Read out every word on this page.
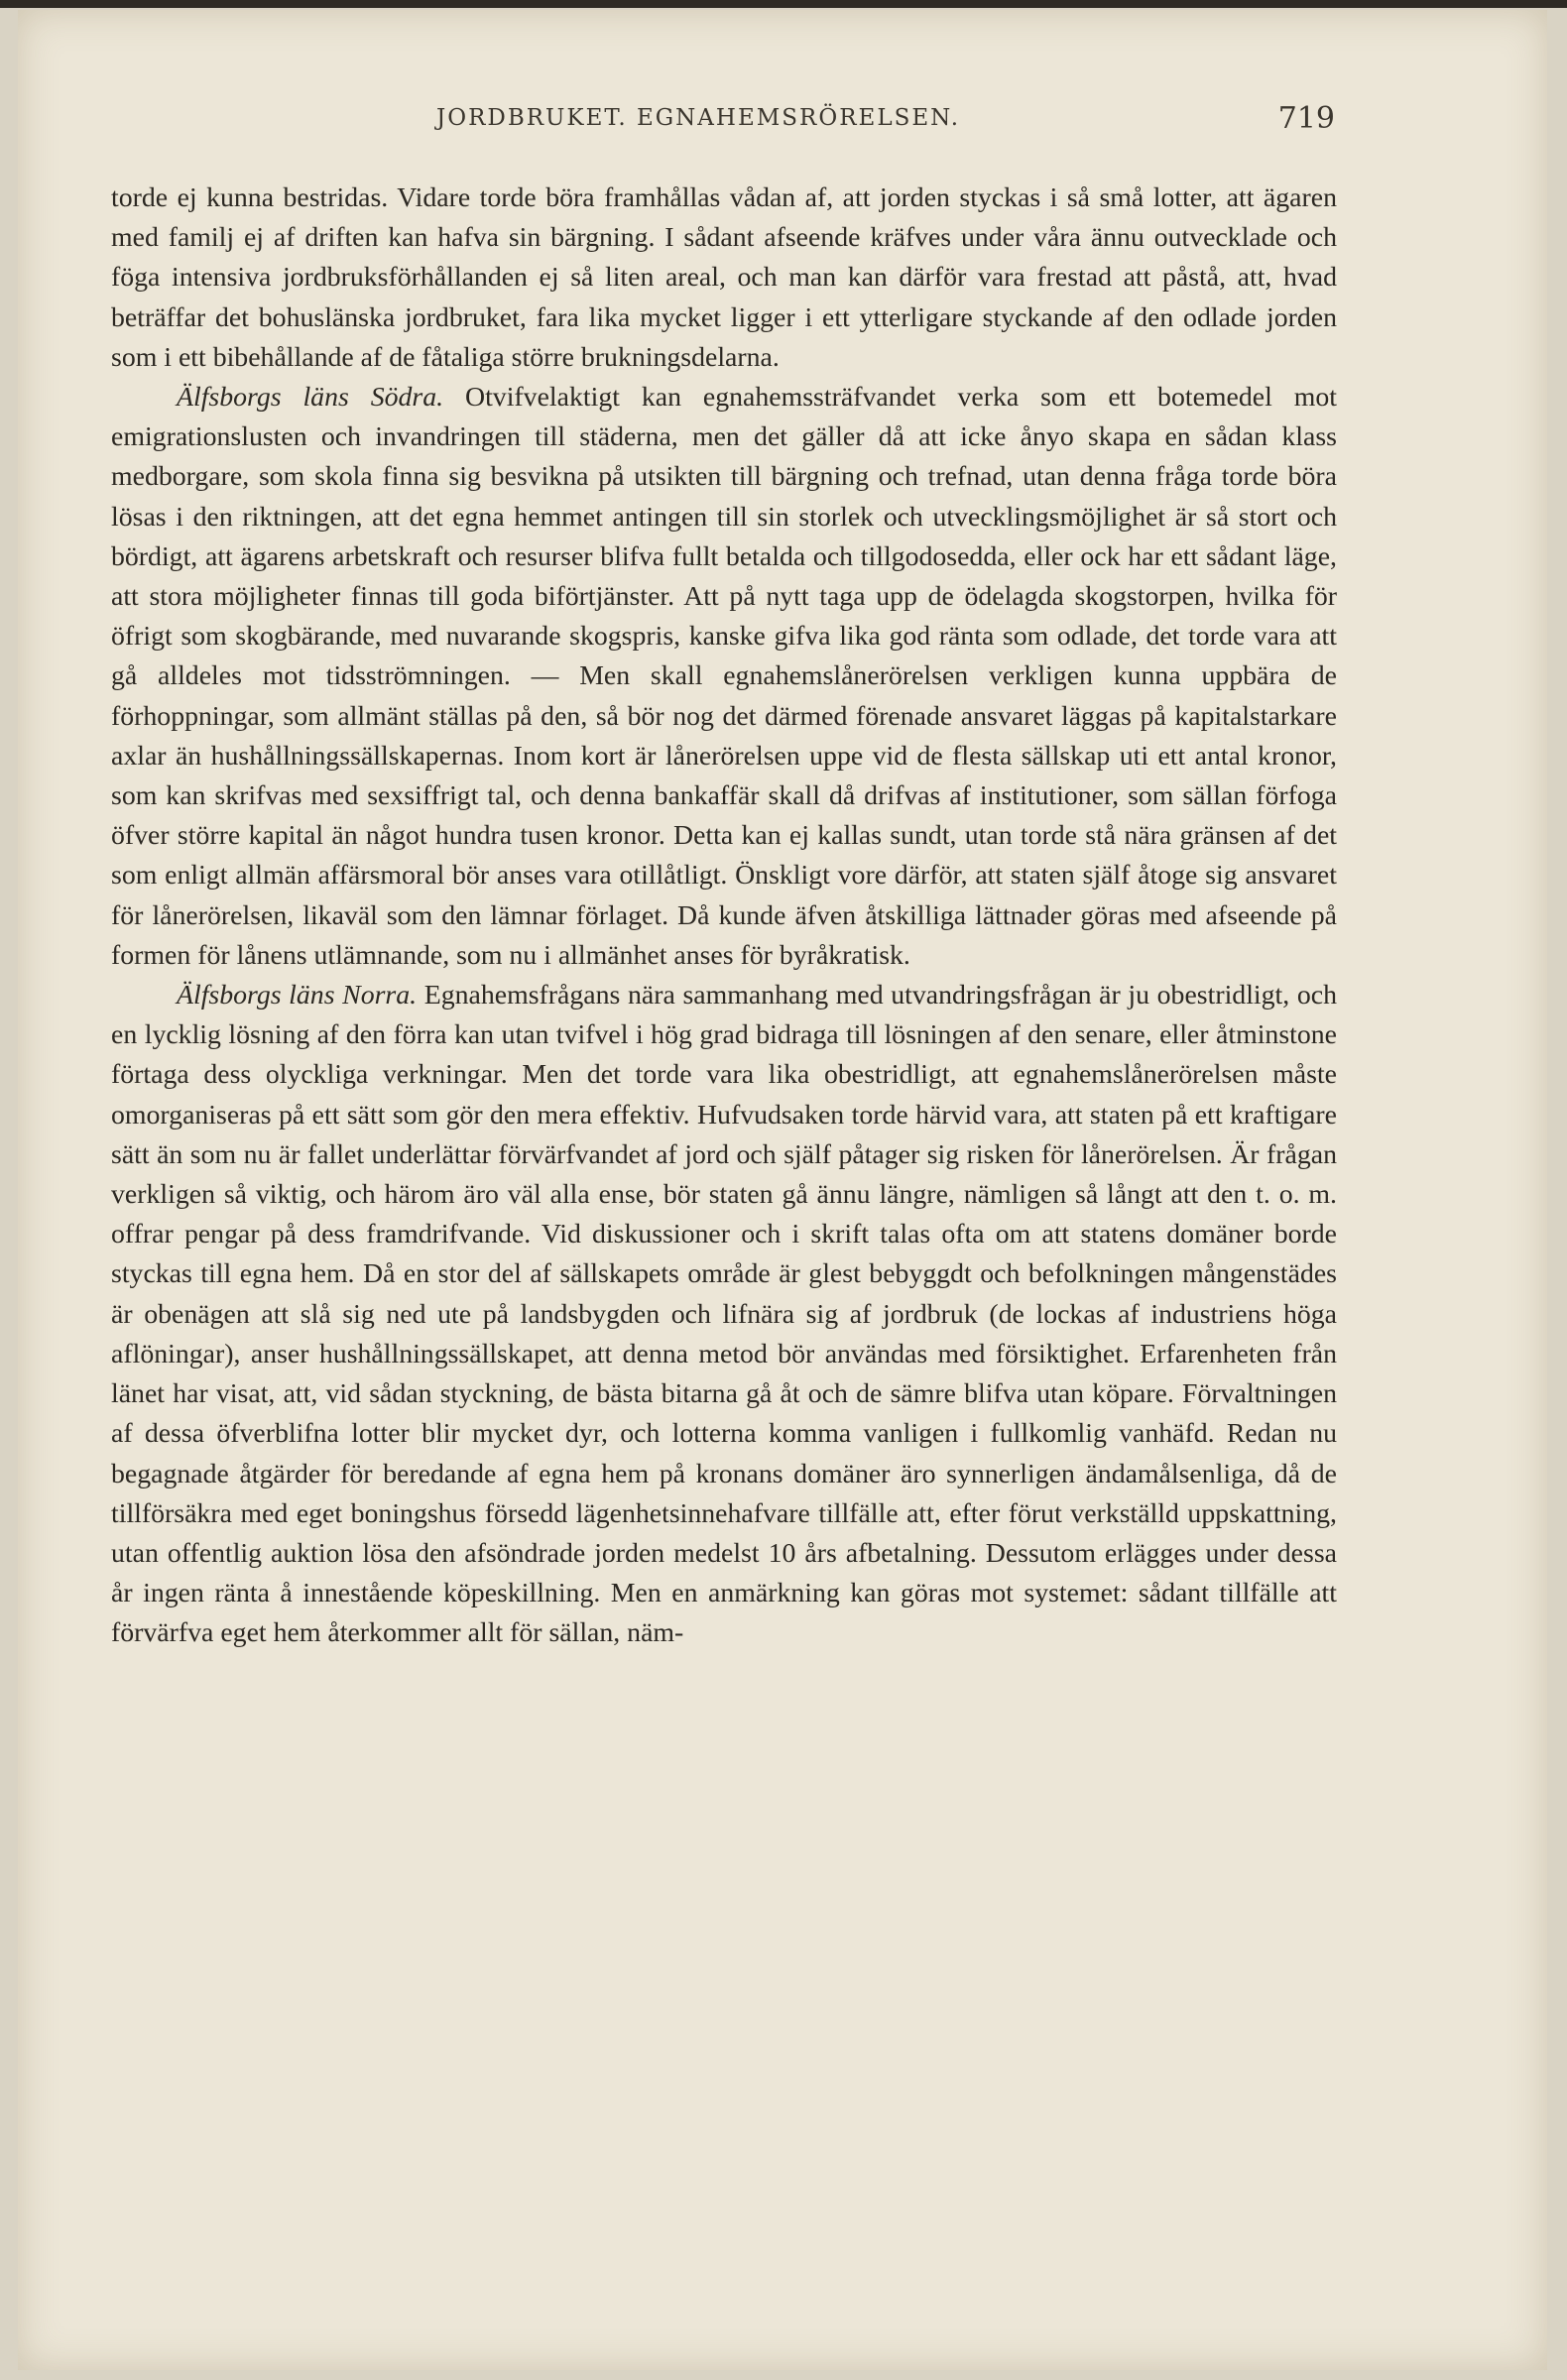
JORDBRUKET. EGNAHEMSRÖRELSEN.	719

torde ej kunna bestridas. Vidare torde böra framhållas vådan af, att jorden styckas i så små lotter, att ägaren med familj ej af driften kan hafva sin bärgning. I sådant afseende kräfves under våra ännu outvecklade och föga intensiva jordbruksförhållanden ej så liten areal, och man kan därför vara frestad att påstå, att, hvad beträffar det bohuslänska jordbruket, fara lika mycket ligger i ett ytterligare styckande af den odlade jorden som i ett bibehållande af de fåtaliga större brukningsdelarna.

Älfsborgs läns Södra. Otvifvelaktigt kan egnahemssträfvandet verka som ett botemedel mot emigrationslusten och invandringen till städerna, men det gäller då att icke ånyo skapa en sådan klass medborgare, som skola finna sig besvikna på utsikten till bärgning och trefnad, utan denna fråga torde böra lösas i den riktningen, att det egna hemmet antingen till sin storlek och utvecklingsmöjlighet är så stort och bördigt, att ägarens arbetskraft och resurser blifva fullt betalda och tillgodosedda, eller ock har ett sådant läge, att stora möjligheter finnas till goda biförtjänster. Att på nytt taga upp de ödelagda skogstorpen, hvilka för öfrigt som skogbärande, med nuvarande skogspris, kanske gifva lika god ränta som odlade, det torde vara att gå alldeles mot tidsströmningen. — Men skall egnahemslånerörelsen verkligen kunna uppbära de förhoppningar, som allmänt ställas på den, så bör nog det därmed förenade ansvaret läggas på kapitalstarkare axlar än hushållningssällskapernas. Inom kort är lånerörelsen uppe vid de flesta sällskap uti ett antal kronor, som kan skrifvas med sexsiffrigt tal, och denna bankaffär skall då drifvas af institutioner, som sällan förfoga öfver större kapital än något hundra tusen kronor. Detta kan ej kallas sundt, utan torde stå nära gränsen af det som enligt allmän affärsmoral bör anses vara otillåtligt. Önskligt vore därför, att staten själf åtoge sig ansvaret för lånerörelsen, likaväl som den lämnar förlaget. Då kunde äfven åtskilliga lättnader göras med afseende på formen för lånens utlämnande, som nu i allmänhet anses för byråkratisk.

Älfsborgs läns Norra. Egnahemsfrågans nära sammanhang med utvandringsfrågan är ju obestridligt, och en lycklig lösning af den förra kan utan tvifvel i hög grad bidraga till lösningen af den senare, eller åtminstone förtaga dess olyckliga verkningar. Men det torde vara lika obestridligt, att egnahemslånerörelsen måste omorganiseras på ett sätt som gör den mera effektiv. Hufvudsaken torde härvid vara, att staten på ett kraftigare sätt än som nu är fallet underlättar förvärfvandet af jord och själf påtager sig risken för lånerörelsen. Är frågan verkligen så viktig, och härom äro väl alla ense, bör staten gå ännu längre, nämligen så långt att den t. o. m. offrar pengar på dess framdrifvande. Vid diskussioner och i skrift talas ofta om att statens domäner borde styckas till egna hem. Då en stor del af sällskapets område är glest bebyggdt och befolkningen mångenstädes är obenägen att slå sig ned ute på landsbygden och lifnära sig af jordbruk (de lockas af industriens höga aflöningar), anser hushållningssällskapet, att denna metod bör användas med försiktighet. Erfarenheten från länet har visat, att, vid sådan styckning, de bästa bitarna gå åt och de sämre blifva utan köpare. Förvaltningen af dessa öfverblifna lotter blir mycket dyr, och lotterna komma vanligen i fullkomlig vanhäfd. Redan nu begagnade åtgärder för beredande af egna hem på kronans domäner äro synnerligen ändamålsenliga, då de tillförsäkra med eget boningshus försedd lägenhetsinnehafvare tillfälle att, efter förut verkställd uppskattning, utan offentlig auktion lösa den afsöndrade jorden medelst 10 års afbetalning. Dessutom erlägges under dessa år ingen ränta å innestående köpeskillning. Men en anmärkning kan göras mot systemet: sådant tillfälle att förvärfva eget hem återkommer allt för sällan, näm-
